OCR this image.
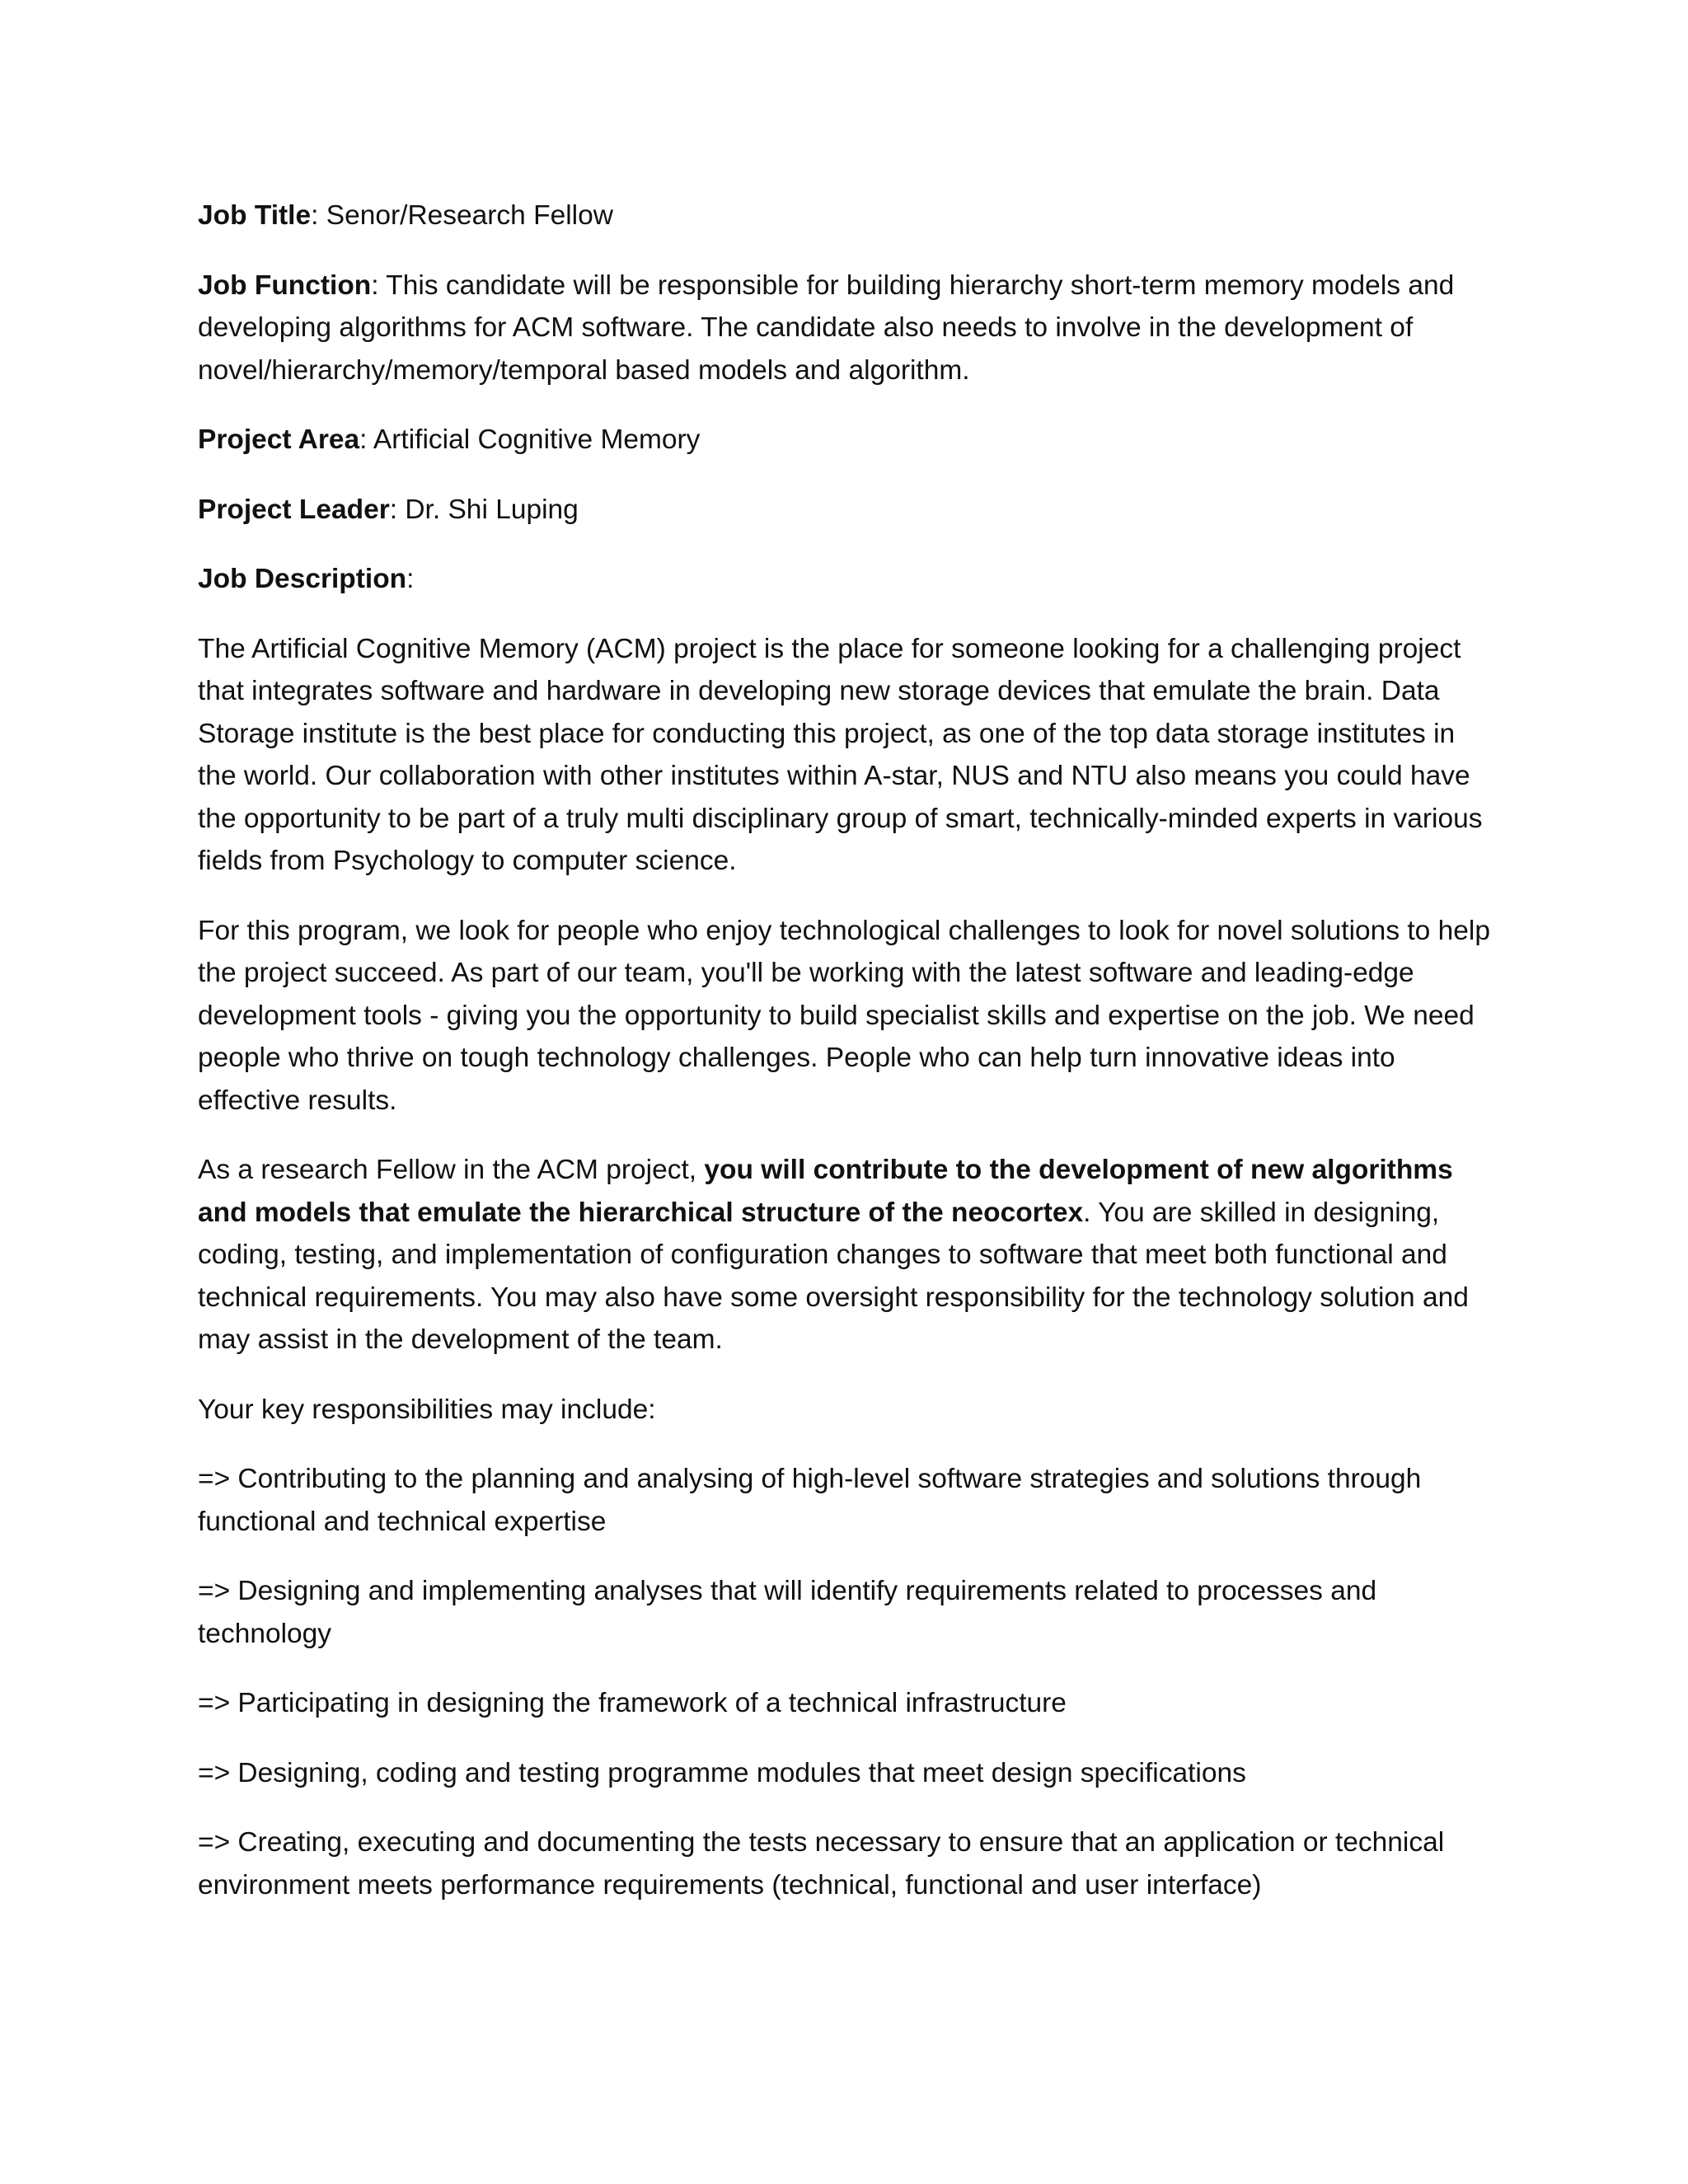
Job Title: Senor/Research Fellow

Job Function: This candidate will be responsible for building hierarchy short-term memory models and developing algorithms for ACM software. The candidate also needs to involve in the development of novel/hierarchy/memory/temporal based models and algorithm.

Project Area: Artificial Cognitive Memory

Project Leader: Dr. Shi Luping

Job Description:

The Artificial Cognitive Memory (ACM) project is the place for someone looking for a challenging project that integrates software and hardware in developing new storage devices that emulate the brain. Data Storage institute is the best place for conducting this project, as one of the top data storage institutes in the world. Our collaboration with other institutes within A-star, NUS and NTU also means you could have the opportunity to be part of a truly multi disciplinary group of smart, technically-minded experts in various fields from Psychology to computer science.

For this program, we look for people who enjoy technological challenges to look for novel solutions to help the project succeed. As part of our team, you'll be working with the latest software and leading-edge development tools - giving you the opportunity to build specialist skills and expertise on the job. We need people who thrive on tough technology challenges. People who can help turn innovative ideas into effective results.

As a research Fellow in the ACM project, you will contribute to the development of new algorithms and models that emulate the hierarchical structure of the neocortex. You are skilled in designing, coding, testing, and implementation of configuration changes to software that meet both functional and technical requirements. You may also have some oversight responsibility for the technology solution and may assist in the development of the team.

Your key responsibilities may include:

=> Contributing to the planning and analysing of high-level software strategies and solutions through functional and technical expertise

=> Designing and implementing analyses that will identify requirements related to processes and technology

=> Participating in designing the framework of a technical infrastructure

=> Designing, coding and testing programme modules that meet design specifications

=> Creating, executing and documenting the tests necessary to ensure that an application or technical environment meets performance requirements (technical, functional and user interface)
